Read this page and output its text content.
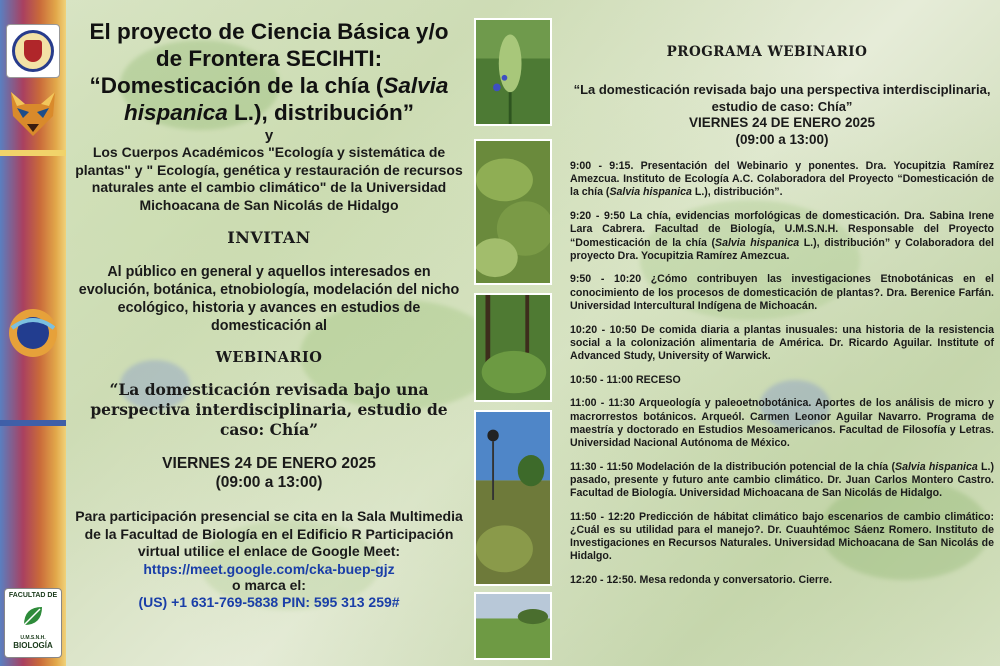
FACULTAD DE
U.M.S.N.H.
BIOLOGÍA
El proyecto de Ciencia Básica y/o
de Frontera SECIHTI:
“Domesticación de la chía (Salvia
hispanica L.), distribución”
y
Los Cuerpos Académicos "Ecología y sistemática de plantas" y " Ecología, genética y restauración de recursos naturales ante el cambio climático" de la Universidad Michoacana de San Nicolás de Hidalgo
INVITAN
Al público en general y aquellos interesados en evolución, botánica, etnobiología, modelación del nicho ecológico, historia y avances en estudios de domesticación al
WEBINARIO
“La domesticación revisada bajo una perspectiva interdisciplinaria, estudio de caso: Chía”
VIERNES 24 DE ENERO 2025
(09:00 a 13:00)
Para participación presencial se cita en la Sala Multimedia de la Facultad de Biología en el Edificio R Participación virtual utilice el enlace de Google Meet:
https://meet.google.com/cka-buep-gjz
o marca el:
(US) +1 631-769-5838 PIN: 595 313 259#
PROGRAMA WEBINARIO
“La domesticación revisada bajo una perspectiva interdisciplinaria, estudio de caso: Chía”
VIERNES 24 DE ENERO 2025
(09:00 a 13:00)
9:00 - 9:15. Presentación del Webinario y ponentes. Dra. Yocupitzia Ramírez Amezcua. Instituto de Ecología A.C. Colaboradora del Proyecto “Domesticación de la chía (Salvia hispanica L.), distribución”.
9:20 - 9:50 La chía, evidencias morfológicas de domesticación. Dra. Sabina Irene Lara Cabrera. Facultad de Biología, U.M.S.N.H. Responsable del Proyecto “Domesticación de la chía (Salvia hispanica L.), distribución” y Colaboradora del proyecto Dra. Yocupitzia Ramírez Amezcua.
9:50 - 10:20 ¿Cómo contribuyen las investigaciones Etnobotánicas en el conocimiento de los procesos de domesticación de plantas?. Dra. Berenice Farfán. Universidad Intercultural Indígena de Michoacán.
10:20 - 10:50 De comida diaria a plantas inusuales: una historia de la resistencia social a la colonización alimentaria de América. Dr. Ricardo Aguilar. Institute of Advanced Study, University of Warwick.
10:50 - 11:00 RECESO
11:00 - 11:30 Arqueología y paleoetnobotánica. Aportes de los análisis de micro y macrorrestos botánicos. Arqueól. Carmen Leonor Aguilar Navarro. Programa de maestría y doctorado en Estudios Mesoamericanos. Facultad de Filosofía y Letras. Universidad Nacional Autónoma de México.
11:30 - 11:50 Modelación de la distribución potencial de la chía (Salvia hispanica L.) pasado, presente y futuro ante cambio climático. Dr. Juan Carlos Montero Castro. Facultad de Biología. Universidad Michoacana de San Nicolás de Hidalgo.
11:50 - 12:20 Predicción de hábitat climático bajo escenarios de cambio climático: ¿Cuál es su utilidad para el manejo?. Dr. Cuauhtémoc Sáenz Romero. Instituto de Investigaciones en Recursos Naturales. Universidad Michoacana de San Nicolás de Hidalgo.
12:20 - 12:50. Mesa redonda y conversatorio. Cierre.
